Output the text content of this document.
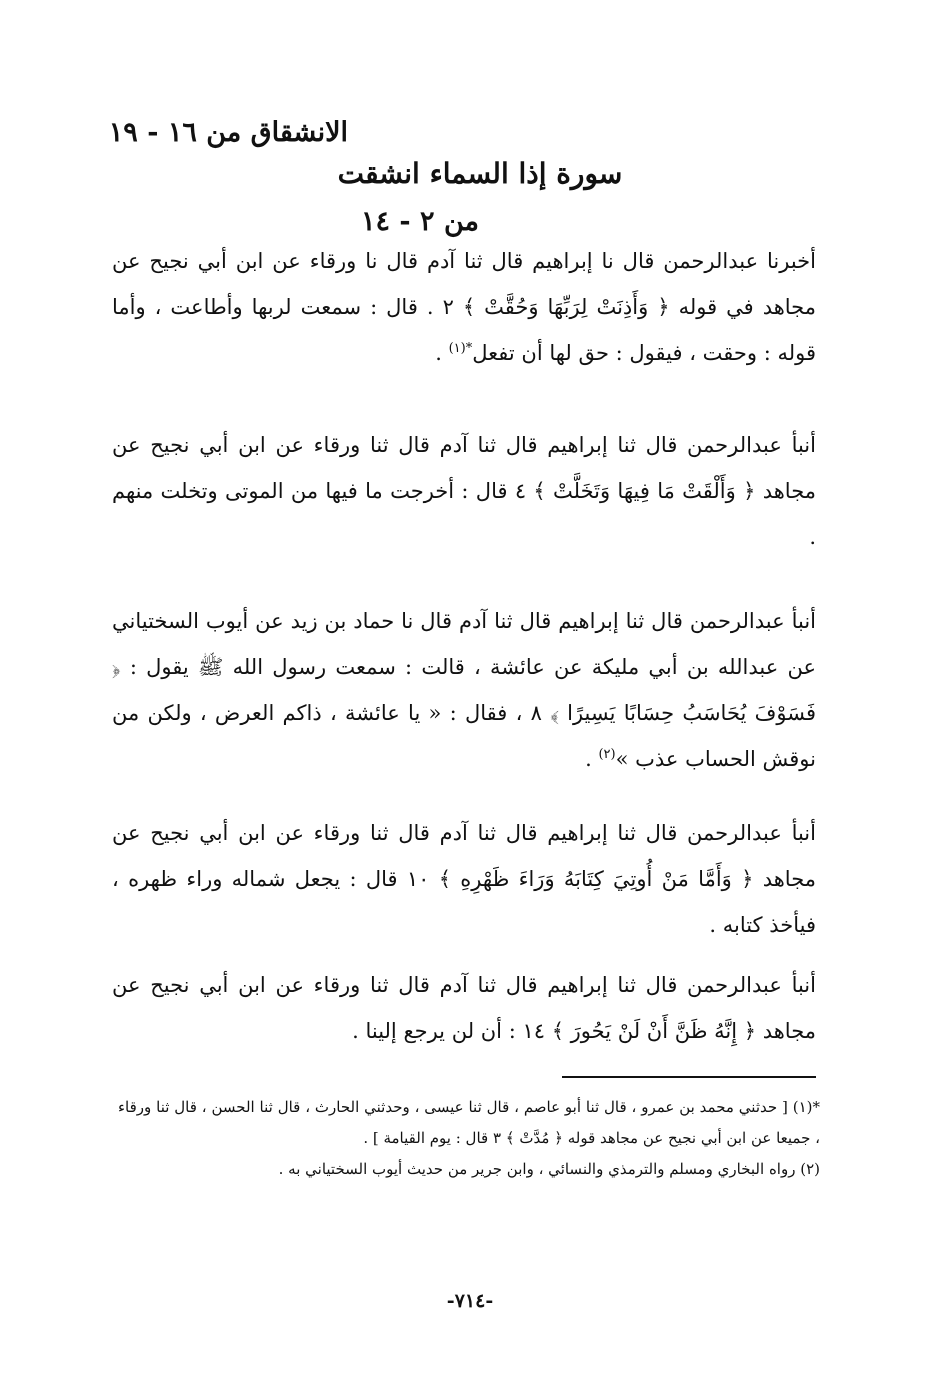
الانشقاق من ١٦ - ١٩
سورة إذا السماء انشقت
من ٢ - ١٤
أخبرنا عبدالرحمن قال نا إبراهيم قال ثنا آدم قال نا ورقاء عن ابن أبي نجيح عن مجاهد في قوله ﴿ وَأَذِنَتْ لِرَبِّهَا وَحُقَّتْ ﴾ ٢ . قال : سمعت لربها وأطاعت ، وأما قوله : وحقت ، فيقول : حق لها أن تفعل$^{*(١)}$ .
أنبأ عبدالرحمن قال ثنا إبراهيم قال ثنا آدم قال ثنا ورقاء عن ابن أبي نجيح عن مجاهد ﴿ وَأَلْقَتْ مَا فِيهَا وَتَخَلَّتْ ﴾ ٤ قال : أخرجت ما فيها من الموتى وتخلت منهم .
أنبأ عبدالرحمن قال ثنا إبراهيم قال ثنا آدم قال نا حماد بن زيد عن أيوب السختياني عن عبدالله بن أبي مليكة عن عائشة ، قالت : سمعت رسول الله ﷺ يقول : ﴿ فَسَوْفَ يُحَاسَبُ حِسَابًا يَسِيرًا ﴾ ٨ ، فقال : « يا عائشة ، ذاكم العرض ، ولكن من نوقش الحساب عذب »$^{(٢)}$ .
أنبأ عبدالرحمن قال ثنا إبراهيم قال ثنا آدم قال ثنا ورقاء عن ابن أبي نجيح عن مجاهد ﴿ وَأَمَّا مَنْ أُوتِيَ كِتَابَهُ وَرَاءَ ظَهْرِهِ ﴾ ١٠ قال : يجعل شماله وراء ظهره ، فيأخذ كتابه .
أنبأ عبدالرحمن قال ثنا إبراهيم قال ثنا آدم قال ثنا ورقاء عن ابن أبي نجيح عن مجاهد ﴿ إِنَّهُ ظَنَّ أَنْ لَنْ يَحُورَ ﴾ ١٤ : أن لن يرجع إلينا .

*(١) [ حدثني محمد بن عمرو ، قال ثنا أبو عاصم ، قال ثنا عيسى ، وحدثني الحارث ، قال ثنا الحسن ، قال ثنا ورقاء ، جميعا عن ابن أبي نجيح عن مجاهد قوله ﴿ مُدَّتْ ﴾ ٣ قال : يوم القيامة ] .

(٢) رواه البخاري ومسلم والترمذي والنسائي ، وابن جرير من حديث أيوب السختياني به .

-٧١٤-
